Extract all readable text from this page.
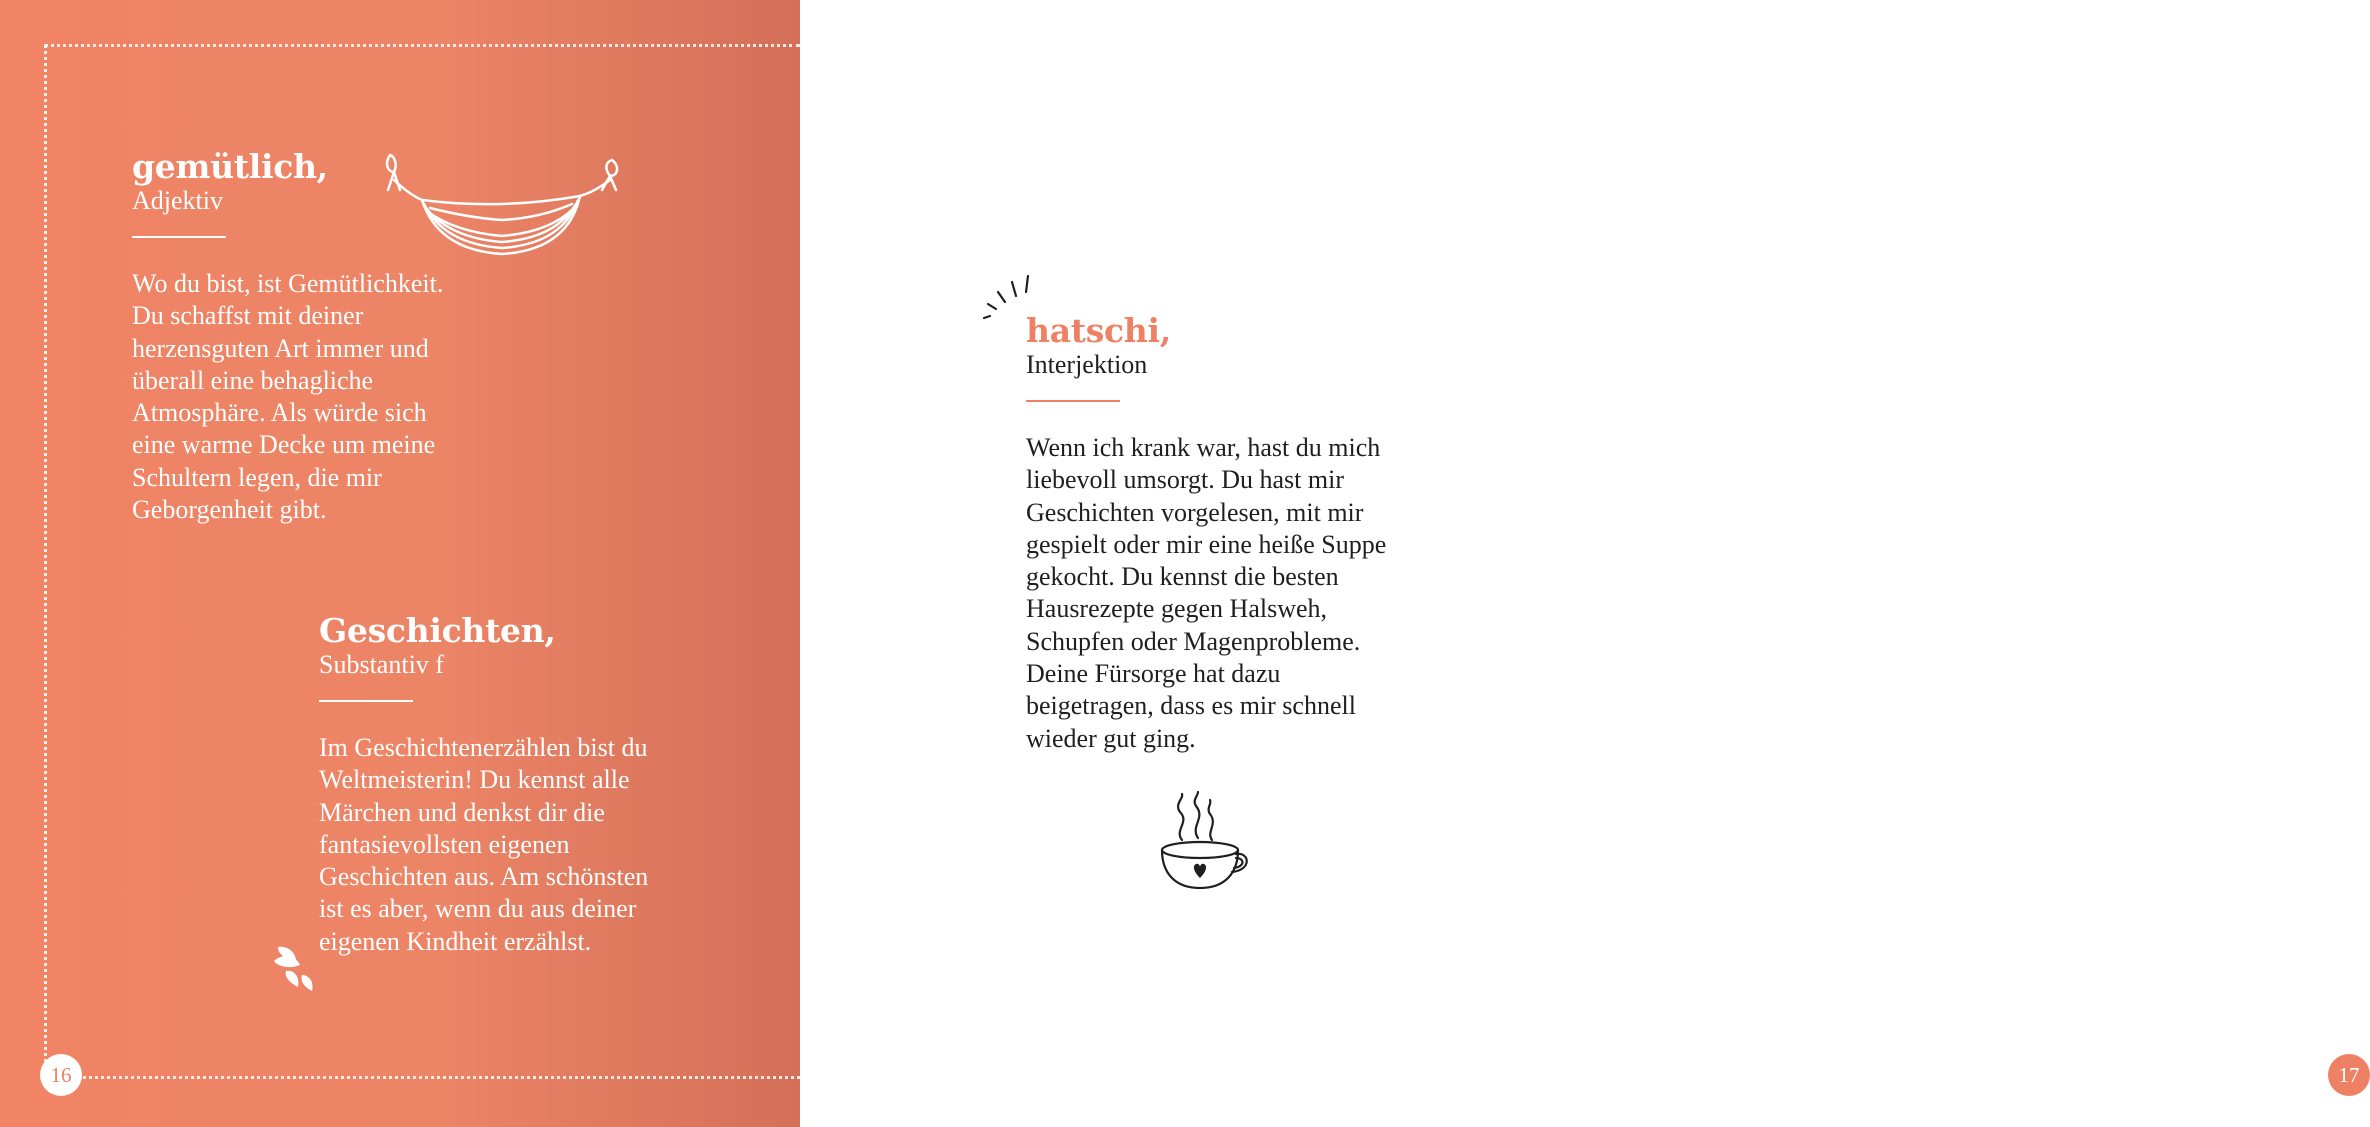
gemütlich,
Adjektiv
Wo du bist, ist Gemütlichkeit. Du schaffst mit deiner herzensguten Art immer und überall eine behagliche Atmosphäre. Als würde sich eine warme Decke um meine Schultern legen, die mir Geborgenheit gibt.
Geschichten,
Substantiv f
Im Geschichtenerzählen bist du Weltmeisterin! Du kennst alle Märchen und denkst dir die fantasievollsten eigenen Geschichten aus. Am schönsten ist es aber, wenn du aus deiner eigenen Kindheit erzählst.
16
hatschi,
Interjektion
Wenn ich krank war, hast du mich liebevoll umsorgt. Du hast mir Geschichten vorgelesen, mit mir gespielt oder mir eine heiße Suppe gekocht. Du kennst die besten Hausrezepte gegen Halsweh, Schupfen oder Magenprobleme. Deine Fürsorge hat dazu beigetragen, dass es mir schnell wieder gut ging.
17
